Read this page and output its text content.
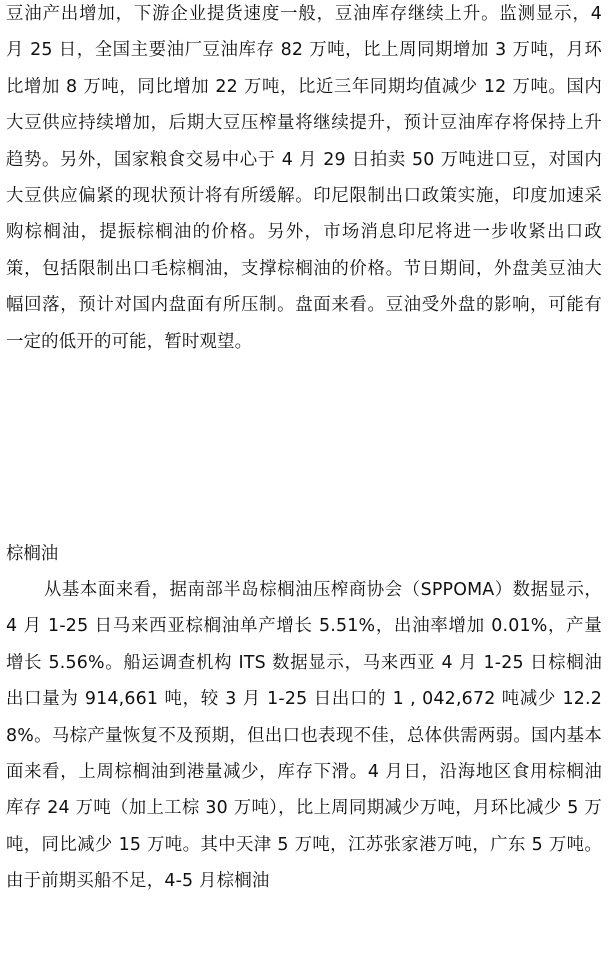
豆油产出增加，下游企业提货速度一般，豆油库存继续上升。监测显示，4 月 25 日，全国主要油厂豆油库存 82 万吨，比上周同期增加 3 万吨，月环比增加 8 万吨，同比增加 22 万吨，比近三年同期均值减少 12 万吨。国内大豆供应持续增加，后期大豆压榨量将继续提升，预计豆油库存将保持上升趋势。另外，国家粮食交易中心于 4 月 29 日拍卖 50 万吨进口豆，对国内大豆供应偏紧的现状预计将有所缓解。印尼限制出口政策实施，印度加速采购棕榈油，提振棕榈油的价格。另外，市场消息印尼将进一步收紧出口政策，包括限制出口毛棕榈油，支撑棕榈油的价格。节日期间，外盘美豆油大幅回落，预计对国内盘面有所压制。盘面来看。豆油受外盘的影响，可能有一定的低开的可能，暂时观望。

棕榈油

从基本面来看，据南部半岛棕榈油压榨商协会（SPPOMA）数据显示，4 月 1-25 日马来西亚棕榈油单产增长 5.51%，出油率增加 0.01%，产量增长 5.56%。船运调查机构 ITS 数据显示，马来西亚 4 月 1-25 日棕榈油出口量为 914,661 吨，较 3 月 1-25 日出口的 1 , 042,672 吨减少 12.28%。马棕产量恢复不及预期，但出口也表现不佳，总体供需两弱。国内基本面来看，上周棕榈油到港量减少，库存下滑。4 月日，沿海地区食用棕榈油库存 24 万吨（加上工棕 30 万吨），比上周同期减少万吨，月环比减少 5 万吨，同比减少 15 万吨。其中天津 5 万吨，江苏张家港万吨，广东 5 万吨。由于前期买船不足，4-5 月棕榈油
